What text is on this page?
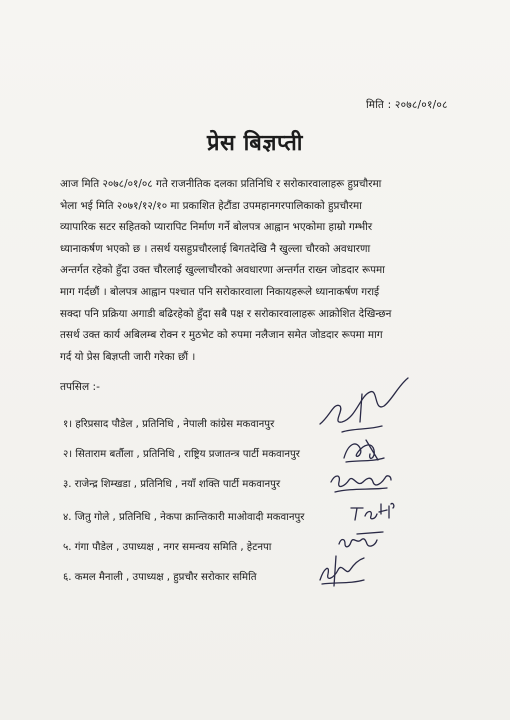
मिति : २०७८/०१/०८
प्रेस बिज्ञप्ती
आज मिति २०७८/०१/०८ गते राजनीतिक दलका प्रतिनिधि र सरोकारवालाहरू हुप्रचौरमा
भेला भई मिति २०७१/१२/१० मा प्रकाशित हेटौंडा उपमहानगरपालिकाको हुप्रचौरमा
व्यापारिक सटर सहितको प्यारापिट निर्माण गर्ने बोलपत्र आह्वान भएकोमा हाम्रो गम्भीर
ध्यानाकर्षण भएको छ । तसर्थ यसहुप्रचौरलाई बिगतदेखि नै खुल्ला चौरको अवधारणा
अन्तर्गत रहेको हुँदा उक्त चौरलाई खुल्लाचौरको अवधारणा अन्तर्गत राख्न जोडदार रूपमा
माग गर्दछौं । बोलपत्र आह्वान पश्चात पनि सरोकारवाला निकायहरूले ध्यानाकर्षण गराई
सक्दा पनि प्रक्रिया अगाडी बढिरहेको हुँदा सबै पक्ष र सरोकारवालाहरू आक्रोशित देखिन्छन
तसर्थ उक्त कार्य अबिलम्ब रोक्न र मुठभेट को रुपमा नलैजान समेत जोडदार रूपमा माग
गर्द यो प्रेस बिज्ञप्ती जारी गरेका छौं ।
तपसिल :-
१। हरिप्रसाद पौडेल , प्रतिनिधि , नेपाली कांग्रेस मकवानपुर
२। सिताराम बर्तौला , प्रतिनिधि , राष्ट्रिय प्रजातन्त्र पार्टी मकवानपुर
३. राजेन्द्र शिम्खडा , प्रतिनिधि , नयाँ शक्ति पार्टी मकवानपुर
४. जितु गोले , प्रतिनिधि , नेकपा क्रान्तिकारी माओवादी मकवानपुर
५. गंगा पौडेल , उपाध्यक्ष , नगर समन्वय समिति , हेटनपा
६. कमल मैनाली , उपाध्यक्ष , हुप्रचौर सरोकार समिति
